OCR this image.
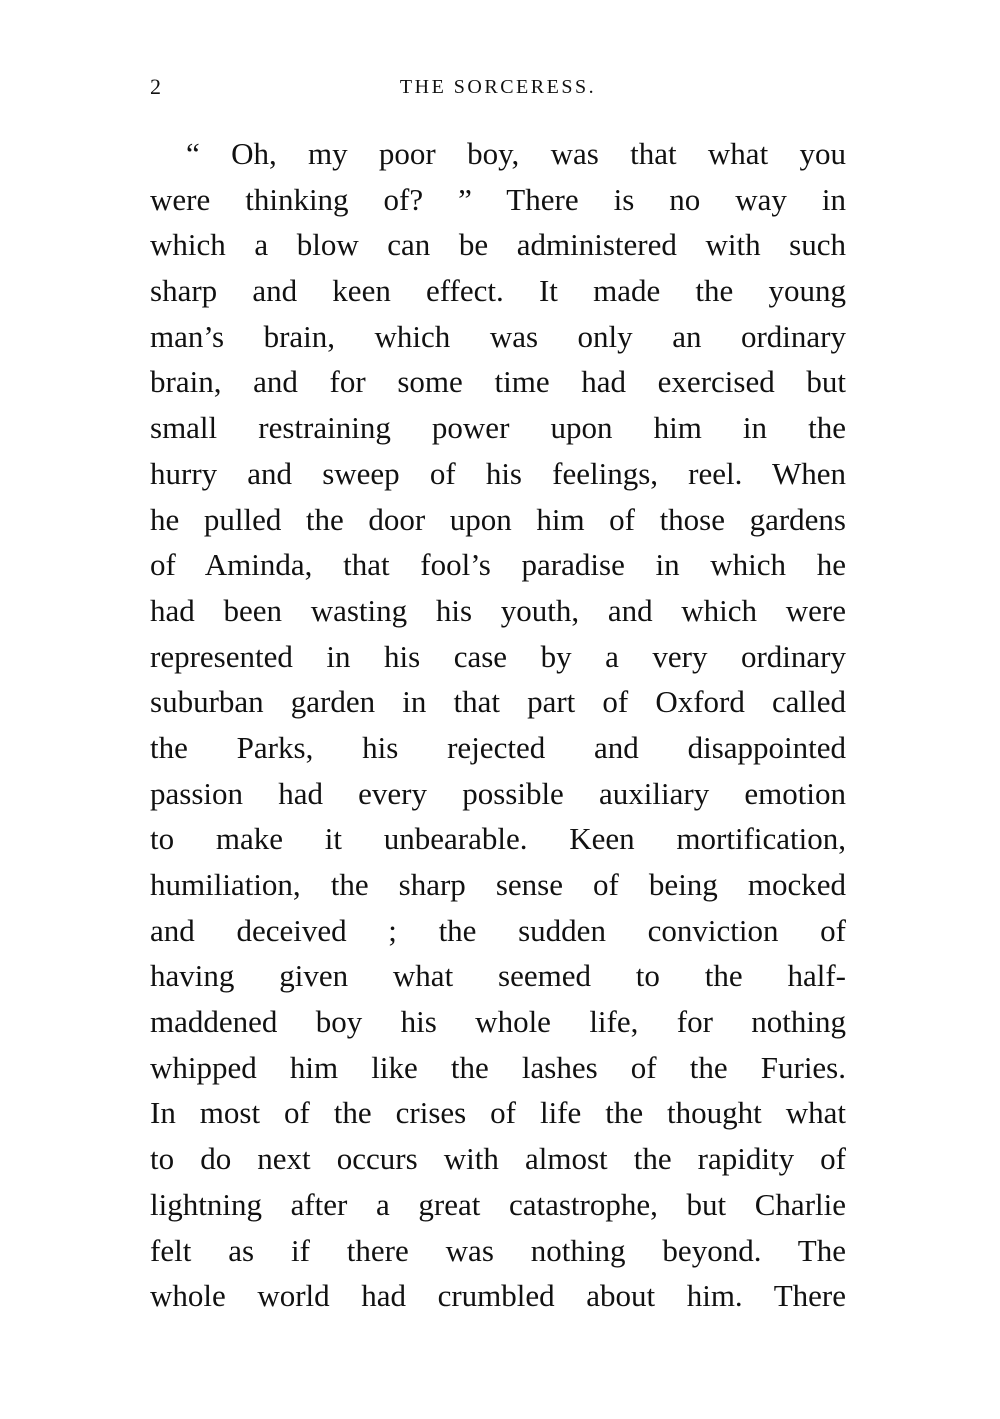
2	THE SORCERESS.
“ Oh, my poor boy, was that what you
were thinking of? ” There is no way in
which a blow can be administered with such
sharp and keen effect. It made the young
man’s brain, which was only an ordinary
brain, and for some time had exercised but
small restraining power upon him in the
hurry and sweep of his feelings, reel. When
he pulled the door upon him of those gardens
of Aminda, that fool’s paradise in which he
had been wasting his youth, and which were
represented in his case by a very ordinary
suburban garden in that part of Oxford called
the Parks, his rejected and disappointed
passion had every possible auxiliary emotion
to make it unbearable. Keen mortification,
humiliation, the sharp sense of being mocked
and deceived ; the sudden conviction of
having given what seemed to the half-
maddened boy his whole life, for nothing
whipped him like the lashes of the Furies.
In most of the crises of life the thought what
to do next occurs with almost the rapidity of
lightning after a great catastrophe, but Charlie
felt as if there was nothing beyond. The
whole world had crumbled about him. There
